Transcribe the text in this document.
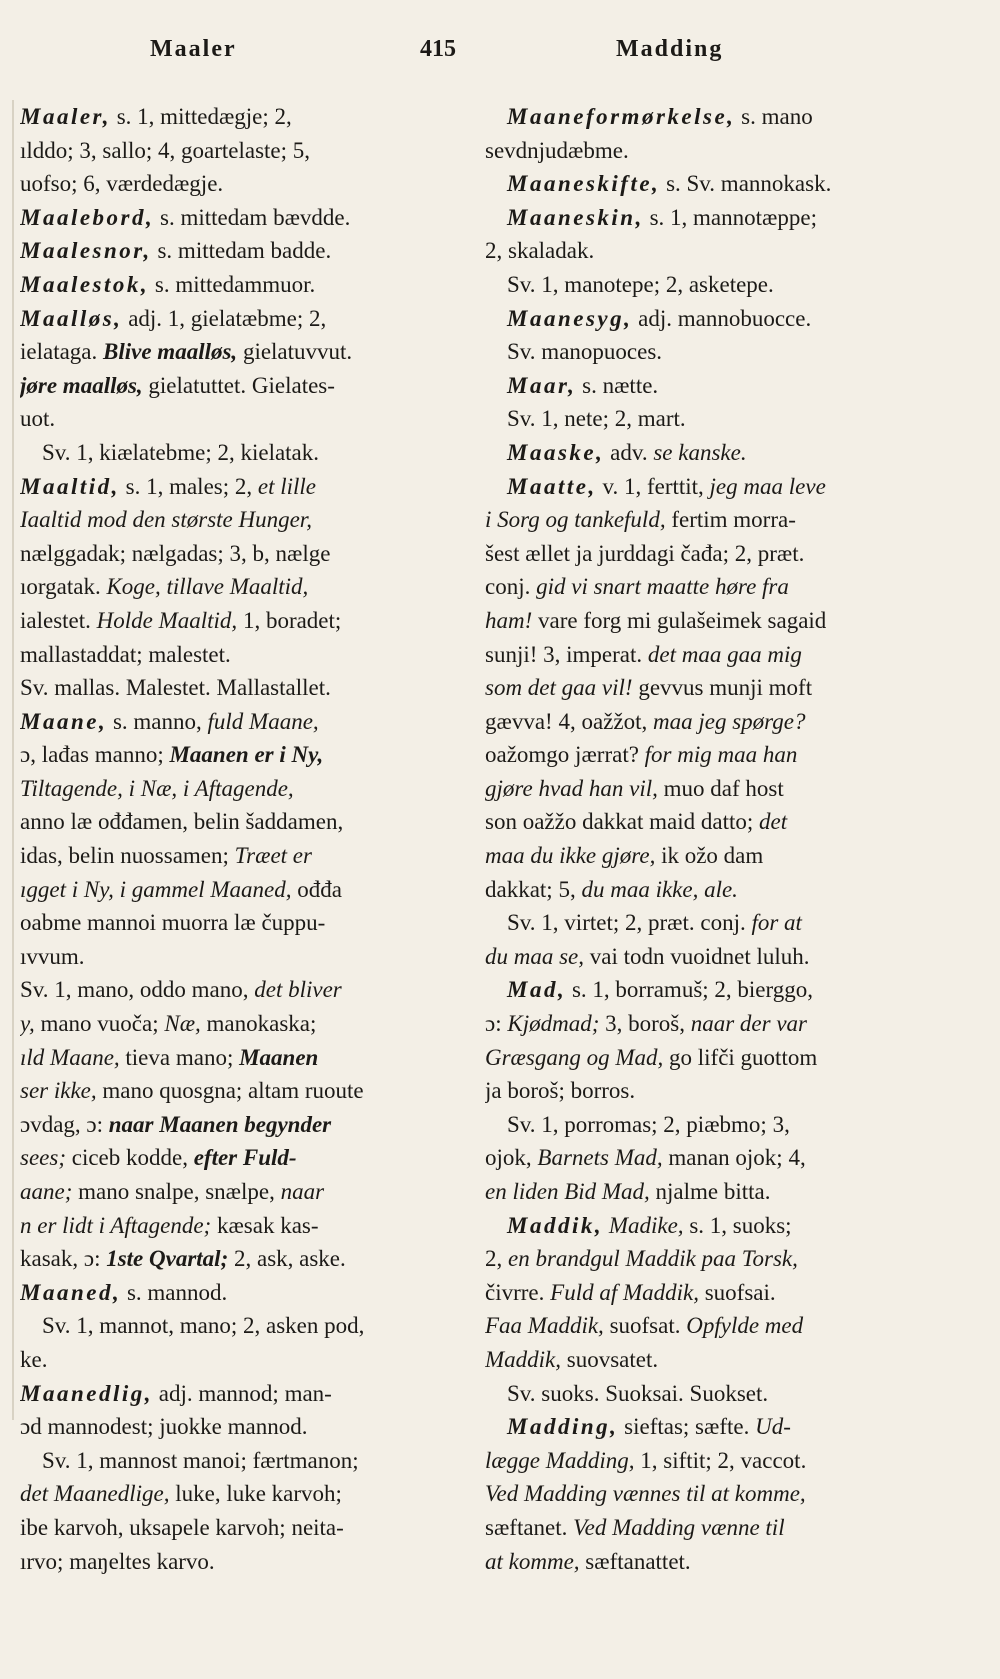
Maaler	415	Madding
Maaler, s. 1, mittedægje; 2,
ılddo; 3, sallo; 4, goartelaste; 5,
uofso; 6, værdedægje.
Maalebord, s. mittedam bævdde.
Maalesnor, s. mittedam badde.
Maalestok, s. mittedammuor.
Maalløs, adj. 1, gielatæbme; 2,
ielataga. Blive maalløs, gielatuvvut.
jøre maalløs, gielatuttet. Gielates-
uot.
Sv. 1, kiælatebme; 2, kielatak.
Maaltid, s. 1, males; 2, et lille
Iaaltid mod den største Hunger,
nælggadak; nælgadas; 3, b, nælge
ıorgatak. Koge, tillave Maaltid,
ialestet. Holde Maaltid, 1, boradet;
mallastaddat; malestet.
Sv. mallas. Malestet. Mallastallet.
Maane, s. manno, fuld Maane,
ɔ, lađas manno; Maanen er i Ny,
Tiltagende, i Næ, i Aftagende,
anno læ ođđamen, belin šaddamen,
idas, belin nuossamen; Træet er
ıgget i Ny, i gammel Maaned, ođđa
oabme mannoi muorra læ čuppu-
ıvvum.
Sv. 1, mano, oddo mano, det bliver
y, mano vuoča; Næ, manokaska;
ıld Maane, tieva mano; Maanen
ser ikke, mano quosgna; altam ruoute
ɔvdag, ɔ: naar Maanen begynder
sees; ciceb kodde, efter Fuld-
aane; mano snalpe, snælpe, naar
n er lidt i Aftagende; kæsak kas-
kasak, ɔ: 1ste Qvartal; 2, ask, aske.
Maaned, s. mannod.
Sv. 1, mannot, mano; 2, asken pod,
ke.
Maanedlig, adj. mannod; man-
ɔd mannodest; juokke mannod.
Sv. 1, mannost manoi; færtmanon;
det Maanedlige, luke, luke karvoh;
ibe karvoh, uksapele karvoh; neita-
ırvo; maŋeltes karvo.
Maaneformørkelse, s. mano
sevdnjudæbme.
Maaneskifte, s. Sv. mannokask.
Maaneskin, s. 1, mannotæppe;
2, skaladak.
Sv. 1, manotepe; 2, asketepe.
Maanesyg, adj. mannobuocce.
Sv. manopuoces.
Maar, s. nætte.
Sv. 1, nete; 2, mart.
Maaske, adv. se kanske.
Maatte, v. 1, ferttit, jeg maa leve
i Sorg og tankefuld, fertim morra-
šest ællet ja jurddagi čađa; 2, præt.
conj. gid vi snart maatte høre fra
ham! vare forg mi gulašeimek sagaid
sunji! 3, imperat. det maa gaa mig
som det gaa vil! gevvus munji moft
gævva! 4, oažžot, maa jeg spørge?
oažomgo jærrat? for mig maa han
gjøre hvad han vil, muo daf host
son oažžo dakkat maid datto; det
maa du ikke gjøre, ik ožo dam
dakkat; 5, du maa ikke, ale.
Sv. 1, virtet; 2, præt. conj. for at
du maa se, vai todn vuoidnet luluh.
Mad, s. 1, borramuš; 2, bierggo,
ɔ: Kjødmad; 3, boroš, naar der var
Græsgang og Mad, go lifči guottom
ja boroš; borros.
Sv. 1, porromas; 2, piæbmo; 3,
ojok, Barnets Mad, manan ojok; 4,
en liden Bid Mad, njalme bitta.
Maddik, Madike, s. 1, suoks;
2, en brandgul Maddik paa Torsk,
čivrre. Fuld af Maddik, suofsai.
Faa Maddik, suofsat. Opfylde med
Maddik, suovsatet.
Sv. suoks. Suoksai. Suokset.
Madding, sieftas; sæfte. Ud-
lægge Madding, 1, siftit; 2, vaccot.
Ved Madding vænnes til at komme,
sæftanet. Ved Madding vænne til
at komme, sæftanattet.
